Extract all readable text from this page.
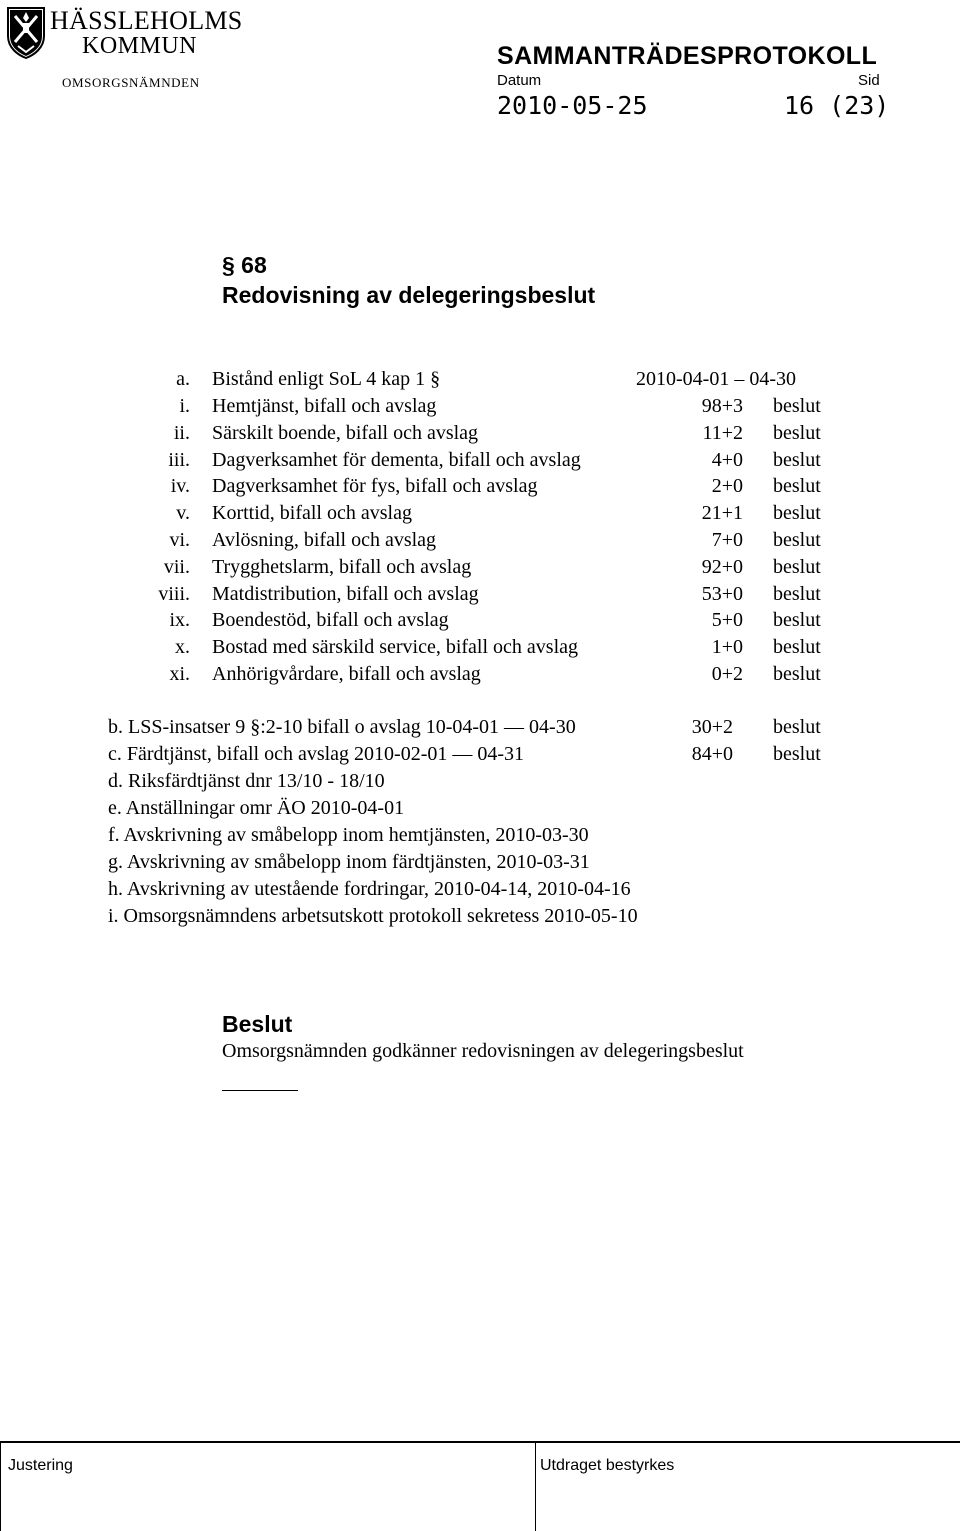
HÄSSLEHOLMS
KOMMUN
OMSORGSNÄMNDEN
SAMMANTRÄDESPROTOKOLL
Datum	Sid
2010-05-25	16 (23)
§ 68
Redovisning av delegeringsbeslut
a. Bistånd enligt SoL 4 kap 1 §	2010-04-01 – 04-30
i. Hemtjänst, bifall och avslag	98+3 beslut
ii. Särskilt boende, bifall och avslag	11+2 beslut
iii. Dagverksamhet för dementa, bifall och avslag	4+0 beslut
iv. Dagverksamhet för fys, bifall och avslag	2+0 beslut
v. Korttid, bifall och avslag	21+1 beslut
vi. Avlösning, bifall och avslag	7+0 beslut
vii. Trygghetslarm, bifall och avslag	92+0 beslut
viii. Matdistribution, bifall och avslag	53+0 beslut
ix. Boendestöd, bifall och avslag	5+0 beslut
x. Bostad med särskild service, bifall och avslag	1+0 beslut
xi. Anhörigvårdare, bifall och avslag	0+2 beslut
b. LSS-insatser 9 §:2-10 bifall o avslag 10-04-01 — 04-30	30+2 beslut
c. Färdtjänst, bifall och avslag 2010-02-01 — 04-31	84+0 beslut
d. Riksfärdtjänst dnr 13/10 - 18/10
e. Anställningar omr ÄO 2010-04-01
f. Avskrivning av småbelopp inom hemtjänsten, 2010-03-30
g. Avskrivning av småbelopp inom färdtjänsten, 2010-03-31
h. Avskrivning av utestående fordringar, 2010-04-14, 2010-04-16
i. Omsorgsnämndens arbetsutskott protokoll sekretess 2010-05-10
Beslut
Omsorgsnämnden godkänner redovisningen av delegeringsbeslut
Justering	Utdraget bestyrkes
